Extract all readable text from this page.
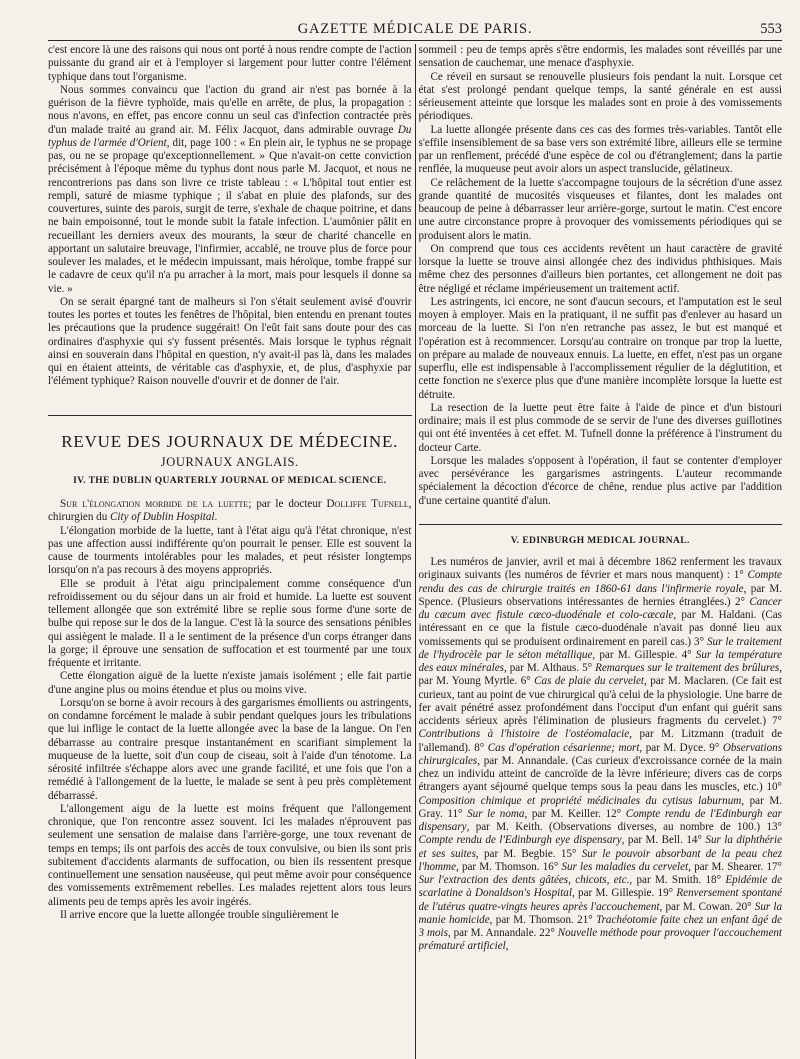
GAZETTE MÉDICALE DE PARIS.	553

c'est encore là une des raisons qui nous ont porté à nous rendre compte de l'action puissante du grand air et à l'employer si largement pour lutter contre l'élément typhique dans tout l'organisme.

Nous sommes convaincu que l'action du grand air n'est pas bornée à la guérison de la fièvre typhoïde, mais qu'elle en arrête, de plus, la propagation : nous n'avons, en effet, pas encore connu un seul cas d'infection contractée près d'un malade traité au grand air. M. Félix Jacquot, dans admirable ouvrage Du typhus de l'armée d'Orient, dit, page 100 : « En plein air, le typhus ne se propage pas, ou ne se propage qu'exceptionnellement. » Que n'avait-on cette conviction précisément à l'époque même du typhus dont nous parle M. Jacquot, et nous ne rencontrerions pas dans son livre ce triste tableau : « L'hôpital tout entier est rempli, saturé de miasme typhique ; il s'abat en pluie des plafonds, sur des couvertures, suinte des parois, surgit de terre, s'exhale de chaque poitrine, et dans ne bain empoisonné, tout le monde subit la fatale infection. L'aumônier pâlit en recueillant les derniers aveux des mourants, la sœur de charité chancelle en apportant un salutaire breuvage, l'infirmier, accablé, ne trouve plus de force pour soulever les malades, et le médecin impuissant, mais héroïque, tombe frappé sur le cadavre de ceux qu'il n'a pu arracher à la mort, mais pour lesquels il donne sa vie. »

On se serait épargné tant de malheurs si l'on s'était seulement avisé d'ouvrir toutes les portes et toutes les fenêtres de l'hôpital, bien entendu en prenant toutes les précautions que la prudence suggérait! On l'eût fait sans doute pour des cas ordinaires d'asphyxie qui s'y fussent présentés. Mais lorsque le typhus régnait ainsi en souverain dans l'hôpital en question, n'y avait-il pas là, dans les malades qui en étaient atteints, de véritable cas d'asphyxie, et, de plus, d'asphyxie par l'élément typhique? Raison nouvelle d'ouvrir et de donner de l'air.

REVUE DES JOURNAUX DE MÉDECINE.
JOURNAUX ANGLAIS.
IV. THE DUBLIN QUARTERLY JOURNAL OF MEDICAL SCIENCE.

Sur l'élongation morbide de la luette; par le docteur Dolliffe Tufnell, chirurgien du City of Dublin Hospital.

L'élongation morbide de la luette, tant à l'état aigu qu'à l'état chronique, n'est pas une affection aussi indifférente qu'on pourrait le penser. Elle est souvent la cause de tourments intolérables pour les malades, et peut résister longtemps lorsqu'on n'a pas recours à des moyens appropriés.

Elle se produit à l'état aigu principalement comme conséquence d'un refroidissement ou du séjour dans un air froid et humide. La luette est souvent tellement allongée que son extrémité libre se replie sous forme d'une sorte de bulbe qui repose sur le dos de la langue. C'est là la source des sensations pénibles qui assiègent le malade. Il a le sentiment de la présence d'un corps étranger dans la gorge; il éprouve une sensation de suffocation et est tourmenté par une toux fréquente et irritante.

Cette élongation aiguë de la luette n'existe jamais isolément ; elle fait partie d'une angine plus ou moins étendue et plus ou moins vive.

Lorsqu'on se borne à avoir recours à des gargarismes émollients ou astringents, on condamne forcément le malade à subir pendant quelques jours les tribulations que lui inflige le contact de la luette allongée avec la base de la langue. On l'en débarrasse au contraire presque instantanément en scarifiant simplement la muqueuse de la luette, soit d'un coup de ciseau, soit à l'aide d'un ténotome. La sérosité infiltrée s'échappe alors avec une grande facilité, et une fois que l'on a remédié à l'allongement de la luette, le malade se sent à peu près complètement débarrassé.

L'allongement aigu de la luette est moins fréquent que l'allongement chronique, que l'on rencontre assez souvent. Ici les malades n'éprouvent pas seulement une sensation de malaise dans l'arrière-gorge, une toux revenant de temps en temps; ils ont parfois des accès de toux convulsive, ou bien ils sont pris subitement d'accidents alarmants de suffocation, ou bien ils ressentent presque continuellement une sensation nauséeuse, qui peut même avoir pour conséquence des vomissements extrêmement rebelles. Les malades rejettent alors tous leurs aliments peu de temps après les avoir ingérés.

Il arrive encore que la luette allongée trouble singulièrement le

sommeil : peu de temps après s'être endormis, les malades sont réveillés par une sensation de cauchemar, une menace d'asphyxie.

Ce réveil en sursaut se renouvelle plusieurs fois pendant la nuit. Lorsque cet état s'est prolongé pendant quelque temps, la santé générale en est aussi sérieusement atteinte que lorsque les malades sont en proie à des vomissements périodiques.

La luette allongée présente dans ces cas des formes très-variables. Tantôt elle s'effile insensiblement de sa base vers son extrémité libre, ailleurs elle se termine par un renflement, précédé d'une espèce de col ou d'étranglement; dans la partie renflée, la muqueuse peut avoir alors un aspect translucide, gélatineux.

Ce relâchement de la luette s'accompagne toujours de la sécrétion d'une assez grande quantité de mucosités visqueuses et filantes, dont les malades ont beaucoup de peine à débarrasser leur arrière-gorge, surtout le matin. C'est encore une autre circonstance propre à provoquer des vomissements périodiques qui se produisent alors le matin.

On comprend que tous ces accidents revêtent un haut caractère de gravité lorsque la luette se trouve ainsi allongée chez des individus phthisiques. Mais même chez des personnes d'ailleurs bien portantes, cet allongement ne doit pas être négligé et réclame impérieusement un traitement actif.

Les astringents, ici encore, ne sont d'aucun secours, et l'amputation est le seul moyen à employer. Mais en la pratiquant, il ne suffit pas d'enlever au hasard un morceau de la luette. Si l'on n'en retranche pas assez, le but est manqué et l'opération est à recommencer. Lorsqu'au contraire on tronque par trop la luette, on prépare au malade de nouveaux ennuis. La luette, en effet, n'est pas un organe superflu, elle est indispensable à l'accomplissement régulier de la déglutition, et cette fonction ne s'exerce plus que d'une manière incomplète lorsque la luette est détruite.

La resection de la luette peut être faite à l'aide de pince et d'un bistouri ordinaire; mais il est plus commode de se servir de l'une des diverses guillotines qui ont été inventées à cet effet. M. Tufnell donne la préférence à l'instrument du docteur Carte.

Lorsque les malades s'opposent à l'opération, il faut se contenter d'employer avec persévérance les gargarismes astringents. L'auteur recommande spécialement la décoction d'écorce de chêne, rendue plus active par l'addition d'une certaine quantité d'alun.

V. EDINBURGH MEDICAL JOURNAL.

Les numéros de janvier, avril et mai à décembre 1862 renferment les travaux originaux suivants (les numéros de février et mars nous manquent) : 1° Compte rendu des cas de chirurgie traités en 1860-61 dans l'infirmerie royale, par M. Spence. (Plusieurs observations intéressantes de hernies étranglées.) 2° Cancer du cæcum avec fistule cæco-duodénale et colo-cæcale, par M. Haldani. (Cas intéressant en ce que la fistule cæco-duodénale n'avait pas donné lieu aux vomissements qui se produisent ordinairement en pareil cas.) 3° Sur le traitement de l'hydrocèle par le séton métallique, par M. Gillespie. 4° Sur la température des eaux minérales, par M. Althaus. 5° Remarques sur le traitement des brûlures, par M. Young Myrtle. 6° Cas de plaie du cervelet, par M. Maclaren. (Ce fait est curieux, tant au point de vue chirurgical qu'à celui de la physiologie. Une barre de fer avait pénétré assez profondément dans l'occiput d'un enfant qui guérit sans accidents sérieux après l'élimination de plusieurs fragments du cervelet.) 7° Contributions à l'histoire de l'ostéomalacie, par M. Litzmann (traduit de l'allemand). 8° Cas d'opération césarienne; mort, par M. Dyce. 9° Observations chirurgicales, par M. Annandale. (Cas curieux d'excroissance cornée de la main chez un individu atteint de cancroïde de la lèvre inférieure; divers cas de corps étrangers ayant séjourné quelque temps sous la peau dans les muscles, etc.) 10° Composition chimique et propriété médicinales du cytisus laburnum, par M. Gray. 11° Sur le noma, par M. Keiller. 12° Compte rendu de l'Edinburgh ear dispensary, par M. Keith. (Observations diverses, au nombre de 100.) 13° Compte rendu de l'Edinburgh eye dispensary, par M. Bell. 14° Sur la diphthérie et ses suites, par M. Begbie. 15° Sur le pouvoir absorbant de la peau chez l'homme, par M. Thomson. 16° Sur les maladies du cervelet, par M. Shearer. 17° Sur l'extraction des dents gâtées, chicots, etc., par M. Smith. 18° Epidémie de scarlatine à Donaldson's Hospital, par M. Gillespie. 19° Renversement spontané de l'utérus quatre-vingts heures après l'accouchement, par M. Cowan. 20° Sur la manie homicide, par M. Thomson. 21° Trachéotomie faite chez un enfant âgé de 3 mois, par M. Annandale. 22° Nouvelle méthode pour provoquer l'accouchement prématuré artificiel,
